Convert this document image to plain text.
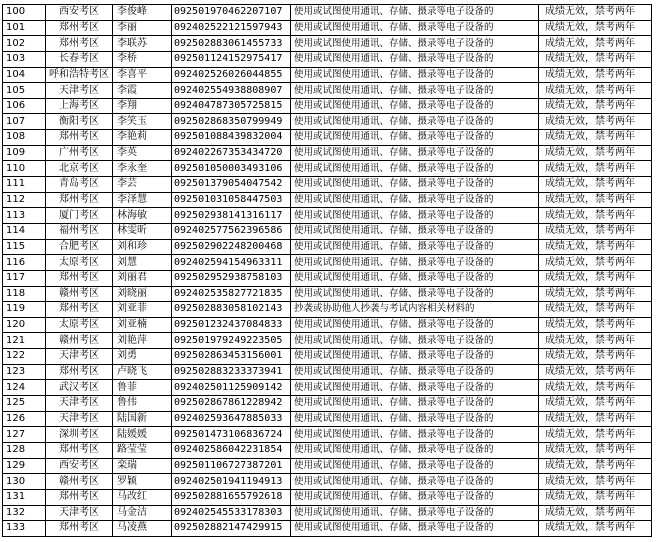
100	西安考区	李俊峰	092501970462207107	使用或试图使用通讯、存储、摄录等电子设备的	成绩无效，禁考两年
101	郑州考区	李丽	092402522121597943	使用或试图使用通讯、存储、摄录等电子设备的	成绩无效，禁考两年
102	郑州考区	李联苏	092502883061455733	使用或试图使用通讯、存储、摄录等电子设备的	成绩无效，禁考两年
103	长春考区	李桥	092501124152975417	使用或试图使用通讯、存储、摄录等电子设备的	成绩无效，禁考两年
104	呼和浩特考区	李喜平	092402526026044855	使用或试图使用通讯、存储、摄录等电子设备的	成绩无效，禁考两年
105	天津考区	李霞	092402554938808907	使用或试图使用通讯、存储、摄录等电子设备的	成绩无效，禁考两年
106	上海考区	李翔	092404787305725815	使用或试图使用通讯、存储、摄录等电子设备的	成绩无效，禁考两年
107	衡阳考区	李笑玉	092502868350799949	使用或试图使用通讯、存储、摄录等电子设备的	成绩无效，禁考两年
108	郑州考区	李艳莉	092501088439832004	使用或试图使用通讯、存储、摄录等电子设备的	成绩无效，禁考两年
109	广州考区	李英	092402267353434720	使用或试图使用通讯、存储、摄录等电子设备的	成绩无效，禁考两年
110	北京考区	李永奎	092501050003493106	使用或试图使用通讯、存储、摄录等电子设备的	成绩无效，禁考两年
111	青岛考区	李芸	092501379054047542	使用或试图使用通讯、存储、摄录等电子设备的	成绩无效，禁考两年
112	郑州考区	李泽慧	092501031058447503	使用或试图使用通讯、存储、摄录等电子设备的	成绩无效，禁考两年
113	厦门考区	林海敏	092502938141316117	使用或试图使用通讯、存储、摄录等电子设备的	成绩无效，禁考两年
114	福州考区	林雯昕	092402577562396586	使用或试图使用通讯、存储、摄录等电子设备的	成绩无效，禁考两年
115	合肥考区	刘和珍	092502902248200468	使用或试图使用通讯、存储、摄录等电子设备的	成绩无效，禁考两年
116	太原考区	刘慧	092402594154963311	使用或试图使用通讯、存储、摄录等电子设备的	成绩无效，禁考两年
117	郑州考区	刘丽君	092502952938758103	使用或试图使用通讯、存储、摄录等电子设备的	成绩无效，禁考两年
118	赣州考区	刘晓丽	092402535827721835	使用或试图使用通讯、存储、摄录等电子设备的	成绩无效，禁考两年
119	郑州考区	刘亚菲	092502883058102143	抄袭或协助他人抄袭与考试内容相关材料的	成绩无效，禁考两年
120	太原考区	刘亚楠	092501232437084833	使用或试图使用通讯、存储、摄录等电子设备的	成绩无效，禁考两年
121	赣州考区	刘艳萍	092501979249223505	使用或试图使用通讯、存储、摄录等电子设备的	成绩无效，禁考两年
122	天津考区	刘勇	092502863453156001	使用或试图使用通讯、存储、摄录等电子设备的	成绩无效，禁考两年
123	郑州考区	卢晓飞	092502883233373941	使用或试图使用通讯、存储、摄录等电子设备的	成绩无效，禁考两年
124	武汉考区	鲁菲	092402501125909142	使用或试图使用通讯、存储、摄录等电子设备的	成绩无效，禁考两年
125	天津考区	鲁伟	092502867861228942	使用或试图使用通讯、存储、摄录等电子设备的	成绩无效，禁考两年
126	天津考区	陆国新	092402593647885033	使用或试图使用通讯、存储、摄录等电子设备的	成绩无效，禁考两年
127	深圳考区	陆媛媛	092501473106836724	使用或试图使用通讯、存储、摄录等电子设备的	成绩无效，禁考两年
128	郑州考区	路莹莹	092402586042231854	使用或试图使用通讯、存储、摄录等电子设备的	成绩无效，禁考两年
129	西安考区	栾瑞	092501106727387201	使用或试图使用通讯、存储、摄录等电子设备的	成绩无效，禁考两年
130	赣州考区	罗颖	092402501941194913	使用或试图使用通讯、存储、摄录等电子设备的	成绩无效，禁考两年
131	郑州考区	马改红	092502881655792618	使用或试图使用通讯、存储、摄录等电子设备的	成绩无效，禁考两年
132	天津考区	马金洁	092402545533178303	使用或试图使用通讯、存储、摄录等电子设备的	成绩无效，禁考两年
133	郑州考区	马凌燕	092502882147429915	使用或试图使用通讯、存储、摄录等电子设备的	成绩无效，禁考两年
